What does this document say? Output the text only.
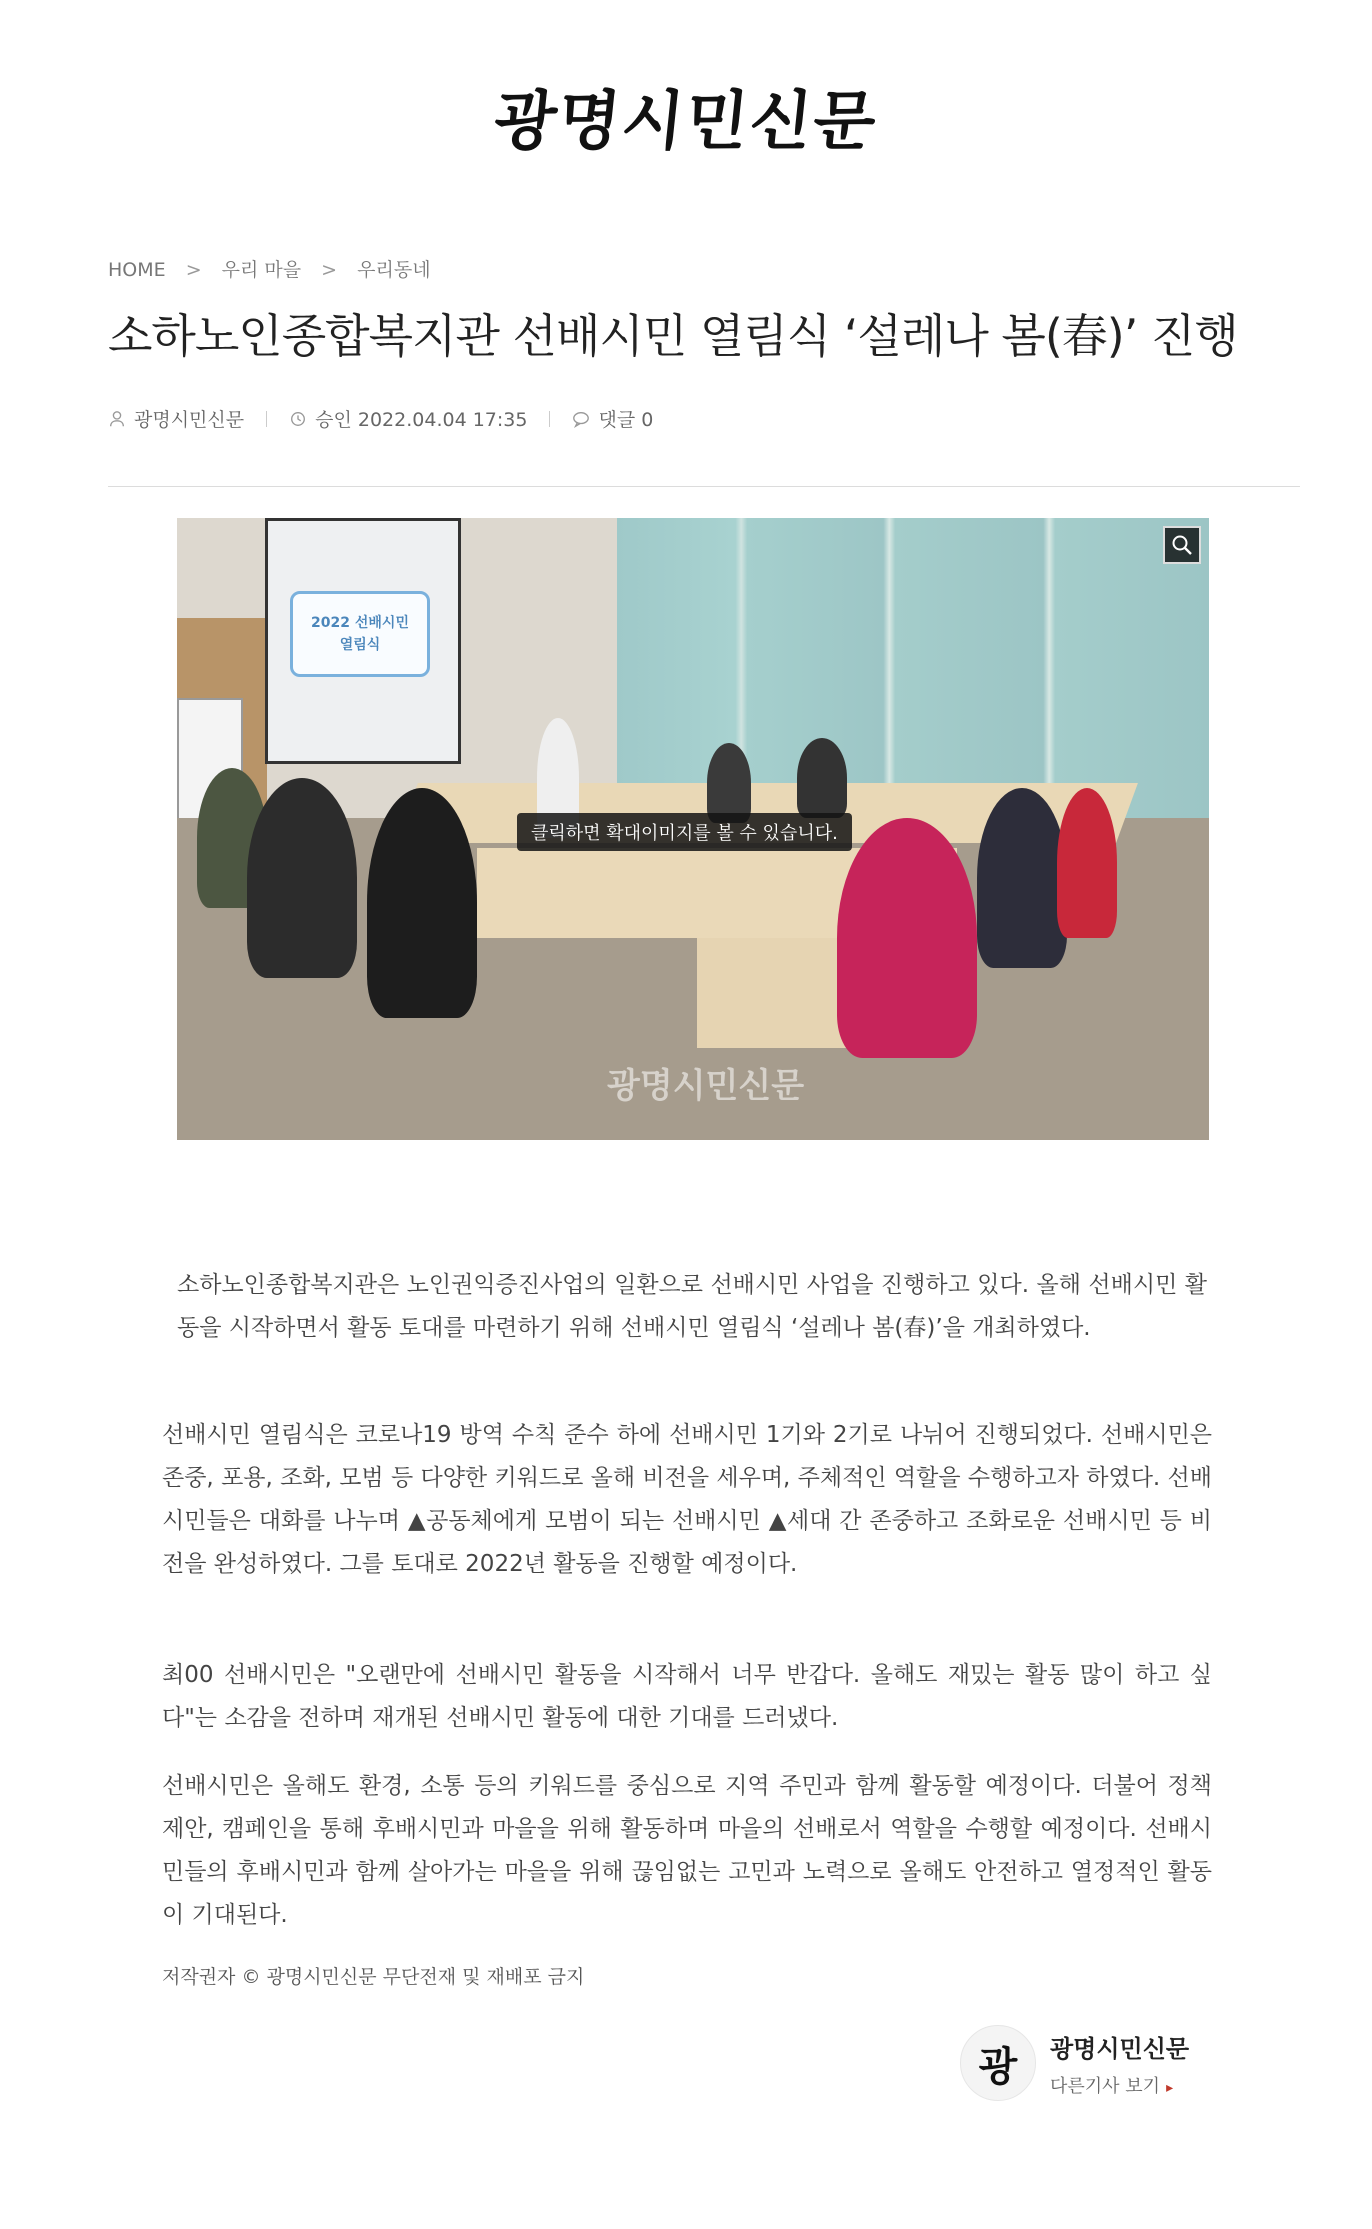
광명시민신문
HOME > 우리 마을 > 우리동네
소하노인종합복지관 선배시민 열림식 ‘설레나 봄(春)’ 진행
광명시민신문	승인 2022.04.04 17:35	댓글 0
2022 선배시민
열림식
클릭하면 확대이미지를 볼 수 있습니다.
광명시민신문

소하노인종합복지관은 노인권익증진사업의 일환으로 선배시민 사업을 진행하고 있다. 올해 선배시민 활동을 시작하면서 활동 토대를 마련하기 위해 선배시민 열림식 ‘설레나 봄(春)’을 개최하였다.

선배시민 열림식은 코로나19 방역 수칙 준수 하에 선배시민 1기와 2기로 나뉘어 진행되었다. 선배시민은 존중, 포용, 조화, 모범 등 다양한 키워드로 올해 비전을 세우며, 주체적인 역할을 수행하고자 하였다. 선배시민들은 대화를 나누며 ▲공동체에게 모범이 되는 선배시민 ▲세대 간 존중하고 조화로운 선배시민 등 비전을 완성하였다. 그를 토대로 2022년 활동을 진행할 예정이다.

최00 선배시민은 "오랜만에 선배시민 활동을 시작해서 너무 반갑다. 올해도 재밌는 활동 많이 하고 싶다"는 소감을 전하며 재개된 선배시민 활동에 대한 기대를 드러냈다.

선배시민은 올해도 환경, 소통 등의 키워드를 중심으로 지역 주민과 함께 활동할 예정이다. 더불어 정책 제안, 캠페인을 통해 후배시민과 마을을 위해 활동하며 마을의 선배로서 역할을 수행할 예정이다. 선배시민들의 후배시민과 함께 살아가는 마을을 위해 끊임없는 고민과 노력으로 올해도 안전하고 열정적인 활동이 기대된다.

저작권자 © 광명시민신문 무단전재 및 재배포 금지
광	광명시민신문
다른기사 보기 ▸
